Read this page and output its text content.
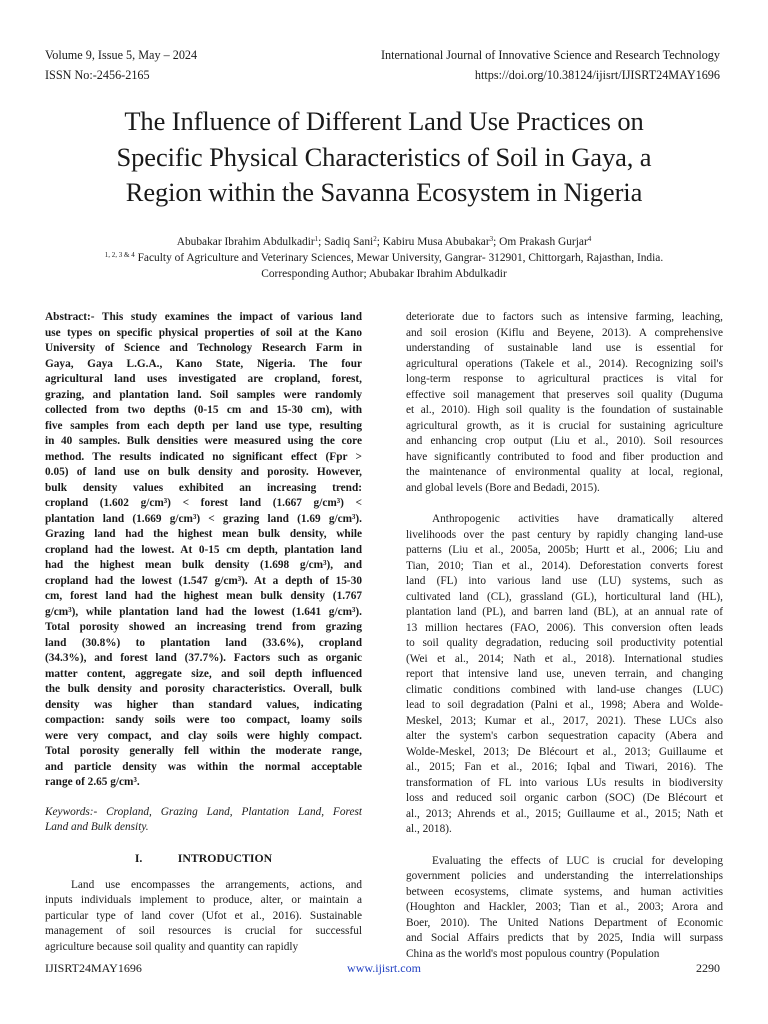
Volume 9, Issue 5, May – 2024	International Journal of Innovative Science and Research Technology
ISSN No:-2456-2165	https://doi.org/10.38124/ijisrt/IJISRT24MAY1696
The Influence of Different Land Use Practices on
Specific Physical Characteristics of Soil in Gaya, a
Region within the Savanna Ecosystem in Nigeria
Abubakar Ibrahim Abdulkadir$^1$; Sadiq Sani$^2$; Kabiru Musa Abubakar$^3$; Om Prakash Gurjar$^4$
$^{1, 2, 3 \& 4}$ Faculty of Agriculture and Veterinary Sciences, Mewar University, Gangrar- 312901, Chittorgarh, Rajasthan, India.
Corresponding Author; Abubakar Ibrahim Abdulkadir
Abstract:- This study examines the impact of various land
use types on specific physical properties of soil at the Kano
University of Science and Technology Research Farm in
Gaya, Gaya L.G.A., Kano State, Nigeria. The four
agricultural land uses investigated are cropland, forest,
grazing, and plantation land. Soil samples were randomly
collected from two depths (0-15 cm and 15-30 cm), with
five samples from each depth per land use type, resulting
in 40 samples. Bulk densities were measured using the core
method. The results indicated no significant effect (Fpr >
0.05) of land use on bulk density and porosity. However,
bulk density values exhibited an increasing trend:
cropland (1.602 g/cm³) < forest land (1.667 g/cm³) <
plantation land (1.669 g/cm³) < grazing land (1.69 g/cm³).
Grazing land had the highest mean bulk density, while
cropland had the lowest. At 0-15 cm depth, plantation land
had the highest mean bulk density (1.698 g/cm³), and
cropland had the lowest (1.547 g/cm³). At a depth of 15-30
cm, forest land had the highest mean bulk density (1.767
g/cm³), while plantation land had the lowest (1.641 g/cm³).
Total porosity showed an increasing trend from grazing
land (30.8%) to plantation land (33.6%), cropland
(34.3%), and forest land (37.7%). Factors such as organic
matter content, aggregate size, and soil depth influenced
the bulk density and porosity characteristics. Overall, bulk
density was higher than standard values, indicating
compaction: sandy soils were too compact, loamy soils
were very compact, and clay soils were highly compact.
Total porosity generally fell within the moderate range,
and particle density was within the normal acceptable
range of 2.65 g/cm³.
Keywords:- Cropland, Grazing Land, Plantation Land, Forest
Land and Bulk density.
I.	INTRODUCTION
Land use encompasses the arrangements, actions, and
inputs individuals implement to produce, alter, or maintain a
particular type of land cover (Ufot et al., 2016). Sustainable
management of soil resources is crucial for successful
agriculture because soil quality and quantity can rapidly
deteriorate due to factors such as intensive farming, leaching,
and soil erosion (Kiflu and Beyene, 2013). A comprehensive
understanding of sustainable land use is essential for
agricultural operations (Takele et al., 2014). Recognizing soil's
long-term response to agricultural practices is vital for
effective soil management that preserves soil quality (Duguma
et al., 2010). High soil quality is the foundation of sustainable
agricultural growth, as it is crucial for sustaining agriculture
and enhancing crop output (Liu et al., 2010). Soil resources
have significantly contributed to food and fiber production and
the maintenance of environmental quality at local, regional,
and global levels (Bore and Bedadi, 2015).
Anthropogenic activities have dramatically altered
livelihoods over the past century by rapidly changing land-use
patterns (Liu et al., 2005a, 2005b; Hurtt et al., 2006; Liu and
Tian, 2010; Tian et al., 2014). Deforestation converts forest
land (FL) into various land use (LU) systems, such as
cultivated land (CL), grassland (GL), horticultural land (HL),
plantation land (PL), and barren land (BL), at an annual rate of
13 million hectares (FAO, 2006). This conversion often leads
to soil quality degradation, reducing soil productivity potential
(Wei et al., 2014; Nath et al., 2018). International studies
report that intensive land use, uneven terrain, and changing
climatic conditions combined with land-use changes (LUC)
lead to soil degradation (Palni et al., 1998; Abera and Wolde-
Meskel, 2013; Kumar et al., 2017, 2021). These LUCs also
alter the system's carbon sequestration capacity (Abera and
Wolde-Meskel, 2013; De Blécourt et al., 2013; Guillaume et
al., 2015; Fan et al., 2016; Iqbal and Tiwari, 2016). The
transformation of FL into various LUs results in biodiversity
loss and reduced soil organic carbon (SOC) (De Blécourt et
al., 2013; Ahrends et al., 2015; Guillaume et al., 2015; Nath et
al., 2018).
Evaluating the effects of LUC is crucial for developing
government policies and understanding the interrelationships
between ecosystems, climate systems, and human activities
(Houghton and Hackler, 2003; Tian et al., 2003; Arora and
Boer, 2010). The United Nations Department of Economic
and Social Affairs predicts that by 2025, India will surpass
China as the world's most populous country (Population
IJISRT24MAY1696	www.ijisrt.com	2290
